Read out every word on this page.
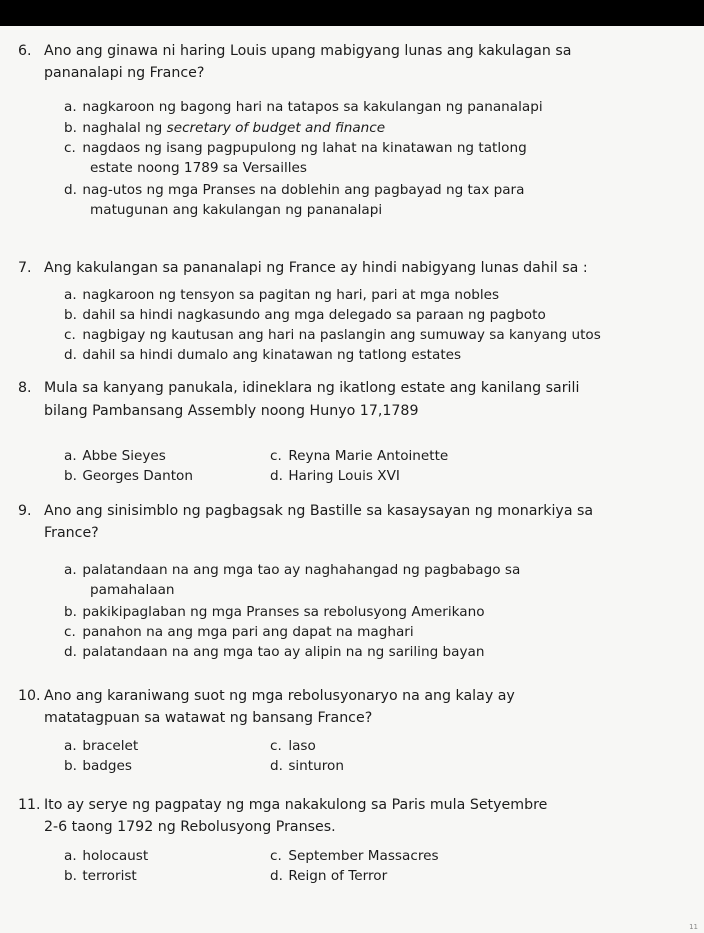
6. Ano ang ginawa ni haring Louis upang mabigyang lunas ang kakulagan sa
pananalapi ng France?
a. nagkaroon ng bagong hari na tatapos sa kakulangan ng pananalapi
b. naghalal ng secretary of budget and finance
c. nagdaos ng isang pagpupulong ng lahat na kinatawan ng tatlong
estate noong 1789 sa Versailles
d. nag-utos ng mga Pranses na doblehin ang pagbayad ng tax para
matugunan ang kakulangan ng pananalapi
7. Ang kakulangan sa pananalapi ng France ay hindi nabigyang lunas dahil sa :
a. nagkaroon ng tensyon sa pagitan ng hari, pari at mga nobles
b. dahil sa hindi nagkasundo ang mga delegado sa paraan ng pagboto
c. nagbigay ng kautusan ang hari na paslangin ang sumuway sa kanyang utos
d. dahil sa hindi dumalo ang kinatawan ng tatlong estates
8. Mula sa kanyang panukala, idineklara ng ikatlong estate ang kanilang sarili
bilang Pambansang Assembly noong Hunyo 17,1789
a. Abbe Sieyes	c. Reyna Marie Antoinette
b. Georges Danton	d. Haring Louis XVI
9. Ano ang sinisimblo ng pagbagsak ng Bastille sa kasaysayan ng monarkiya sa
France?
a. palatandaan na ang mga tao ay naghahangad ng pagbabago sa
pamahalaan
b. pakikipaglaban ng mga Pranses sa rebolusyong Amerikano
c. panahon na ang mga pari ang dapat na maghari
d. palatandaan na ang mga tao ay alipin na ng sariling bayan
10. Ano ang karaniwang suot ng mga rebolusyonaryo na ang kalay ay
matatagpuan sa watawat ng bansang France?
a. bracelet	c. laso
b. badges	d. sinturon
11. Ito ay serye ng pagpatay ng mga nakakulong sa Paris mula Setyembre
2-6 taong 1792 ng Rebolusyong Pranses.
a. holocaust	c. September Massacres
b. terrorist	d. Reign of Terror
11
